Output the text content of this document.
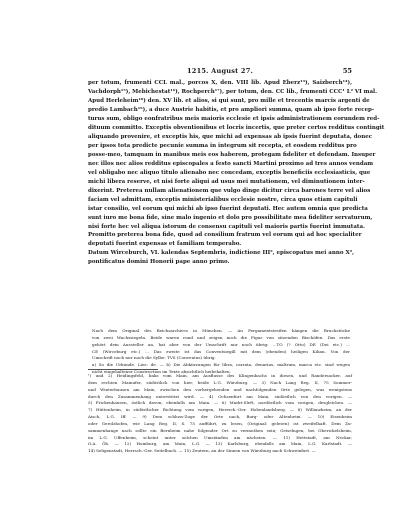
1215. August 27.	55
per totum, frumenti CCL mal., porcos X, den. VIII lib. Apud Eberz¹³), Saizberch¹⁴),
Vachdorph¹⁵), Mebichestat¹⁶), Rochperch¹⁷), per totum, den. CC lib., frumenti CCC¹ L² VI mal.
Apud Herleheim¹⁸) den. XV lib. et alios, si qui sunt, pro mille et trecentis marcis argenti de
predio Lambach¹⁹), a duce Austrie habitis, et pro ampliori summa, quam ab ipso forte recep-
turus sum, obligo eonfratribus meis maioris ecclesie et ipsis administrationem eorundem red-
dituum committo. Exceptis obventionibus et locris incertis, que preter certos redditus contingit
aliquando provenire, et exceptis his, que michi ad expensas ab ipsis fuerint deputata, donec
per ipsos tota predicte pecunie summa in integrum sit recepta, et eosdem redditus pro
posse-meo, tamquam in manibus meis eos haberem, protegam fideliter et defendam. Insuper
nec illos nec alios redditus episcopales a festo sancti Martini proximo ad tres annos vendam
vel obligabo nec aliquo titulo alienabo nec concedam, exceptis beneficiis ecclesiasticis, que
michi libera reserve, et nisi forte aliqui ad usus mei mutationem, vel diminutionem inter-
dixerint. Preterea nullam alienationem que vulgo dinge dicitur circa barones terre vel alios
faciam vel admittam, exceptis ministerialibus ecclesie nostre, circa quos etiam capituli
istar consilio, vel eorum qui michi ab ipso fuerint deputati. Hec autem omnia que predicta
sunt iuro me bona fide, sine malo ingenio et dolo pro possibilitate mea fideliter servaturum,
nisi forte hec vel aliqua istorum de consensu capituli vel maioris partis fuerint immutata.
Promitto preterea bona fide, quod ad consilium fratrum vel eorum qui ad hoc specialiter
deputati fuerint expensas et familiam temperabo.
Datum Wirceburch, VI. kalendas Septembris, indictione III², episcopatus mei anno X²,
pontificatus domini Honorii pape anno primo.
Nach dem Original des Reichsarchives in München. — Au Pergamentstreifen hängen die Bruchstücke
von zwei Wachssiegeln. Beide waren rund und zeigen noch die Figur von sitzenden Bischöfen. Das erste
gehört dem Aussteller an, hat aber von der Umschrift nur noch übrig: ...TO (? Otto) DE (Dei etc.) ...
CE (Wirceburg etc.) ... Das zweite ist das Conventsiegill mit dem (ebenden) heiligen Kilian. Von der
Umschrift noch nur noch die Sylbe: TVS (Conventus) übrig.
a) So die Urkunde. Lies: de. — b) Die Abkürzungen für libra, carrata, denarius, maltrum, marca etc. sind wegen
nicht eingehaltener Construction im Texte absichtlich beibehalten.
¹) und 2) Heidingsfeld, links vom Main, am Ausflusse des Klingenbachs in diesen, und Randersacker, auf
dem rechten Mainufer, südöstlich von hier, beide L.G. Würzburg. — 3) Nach Lang Reg. II, 75 Sommer-
und Winterhausen am Main, zwischen den vorhergehenden und nachfolgenden Orte gelegen, was wenigstens
durch den Zusammenhang unterstützt wird. — 4) Ochsenfurt am Main, südöstlich von den vorigen. —
5) Frickenhausen, östlich davon, ebenfalls am Main. — 6) Markt-Sleft, nordöstlich vom vorigen, desgleichen. —
7) Hüttenheim, in südöstlicher Richtung vom vorigen, Herrsch.-Ger. Hohenlandsberg. — 8) Willanzheim, an der
Aisch, L.G. Iff. — 9) Dem schluss-Zuge der Orte nach, Burg- oder Altenheim. — 10) Eisenheim
oder Gerolzhofen, wie Lang Reg. II, S. 75 aufführt, zu lesen, (Original: gelesen) ist zweifelhaft. Dem Zu-
sammenhange nach sollte ein Bernheim nahe folgender Ort zu vermuthen sein; Geiselngen, bei Oberickelsheim,
im L.G. Uffenheim, scheint unter solchen Umständen am nächsten. — 11) Hettstadt, am Neckar,
O.A. Öh. — 12) Homburg, am Main, L.G. — 13) Karlsburg, ebenfalls am Main, L.G. Karlstadt. —
14) Seligenstadt, Herrsch.-Ger. Seitelbach. — 15) Zeutern, an der Sinnen von Würzburg nach Schweinfurt. —
